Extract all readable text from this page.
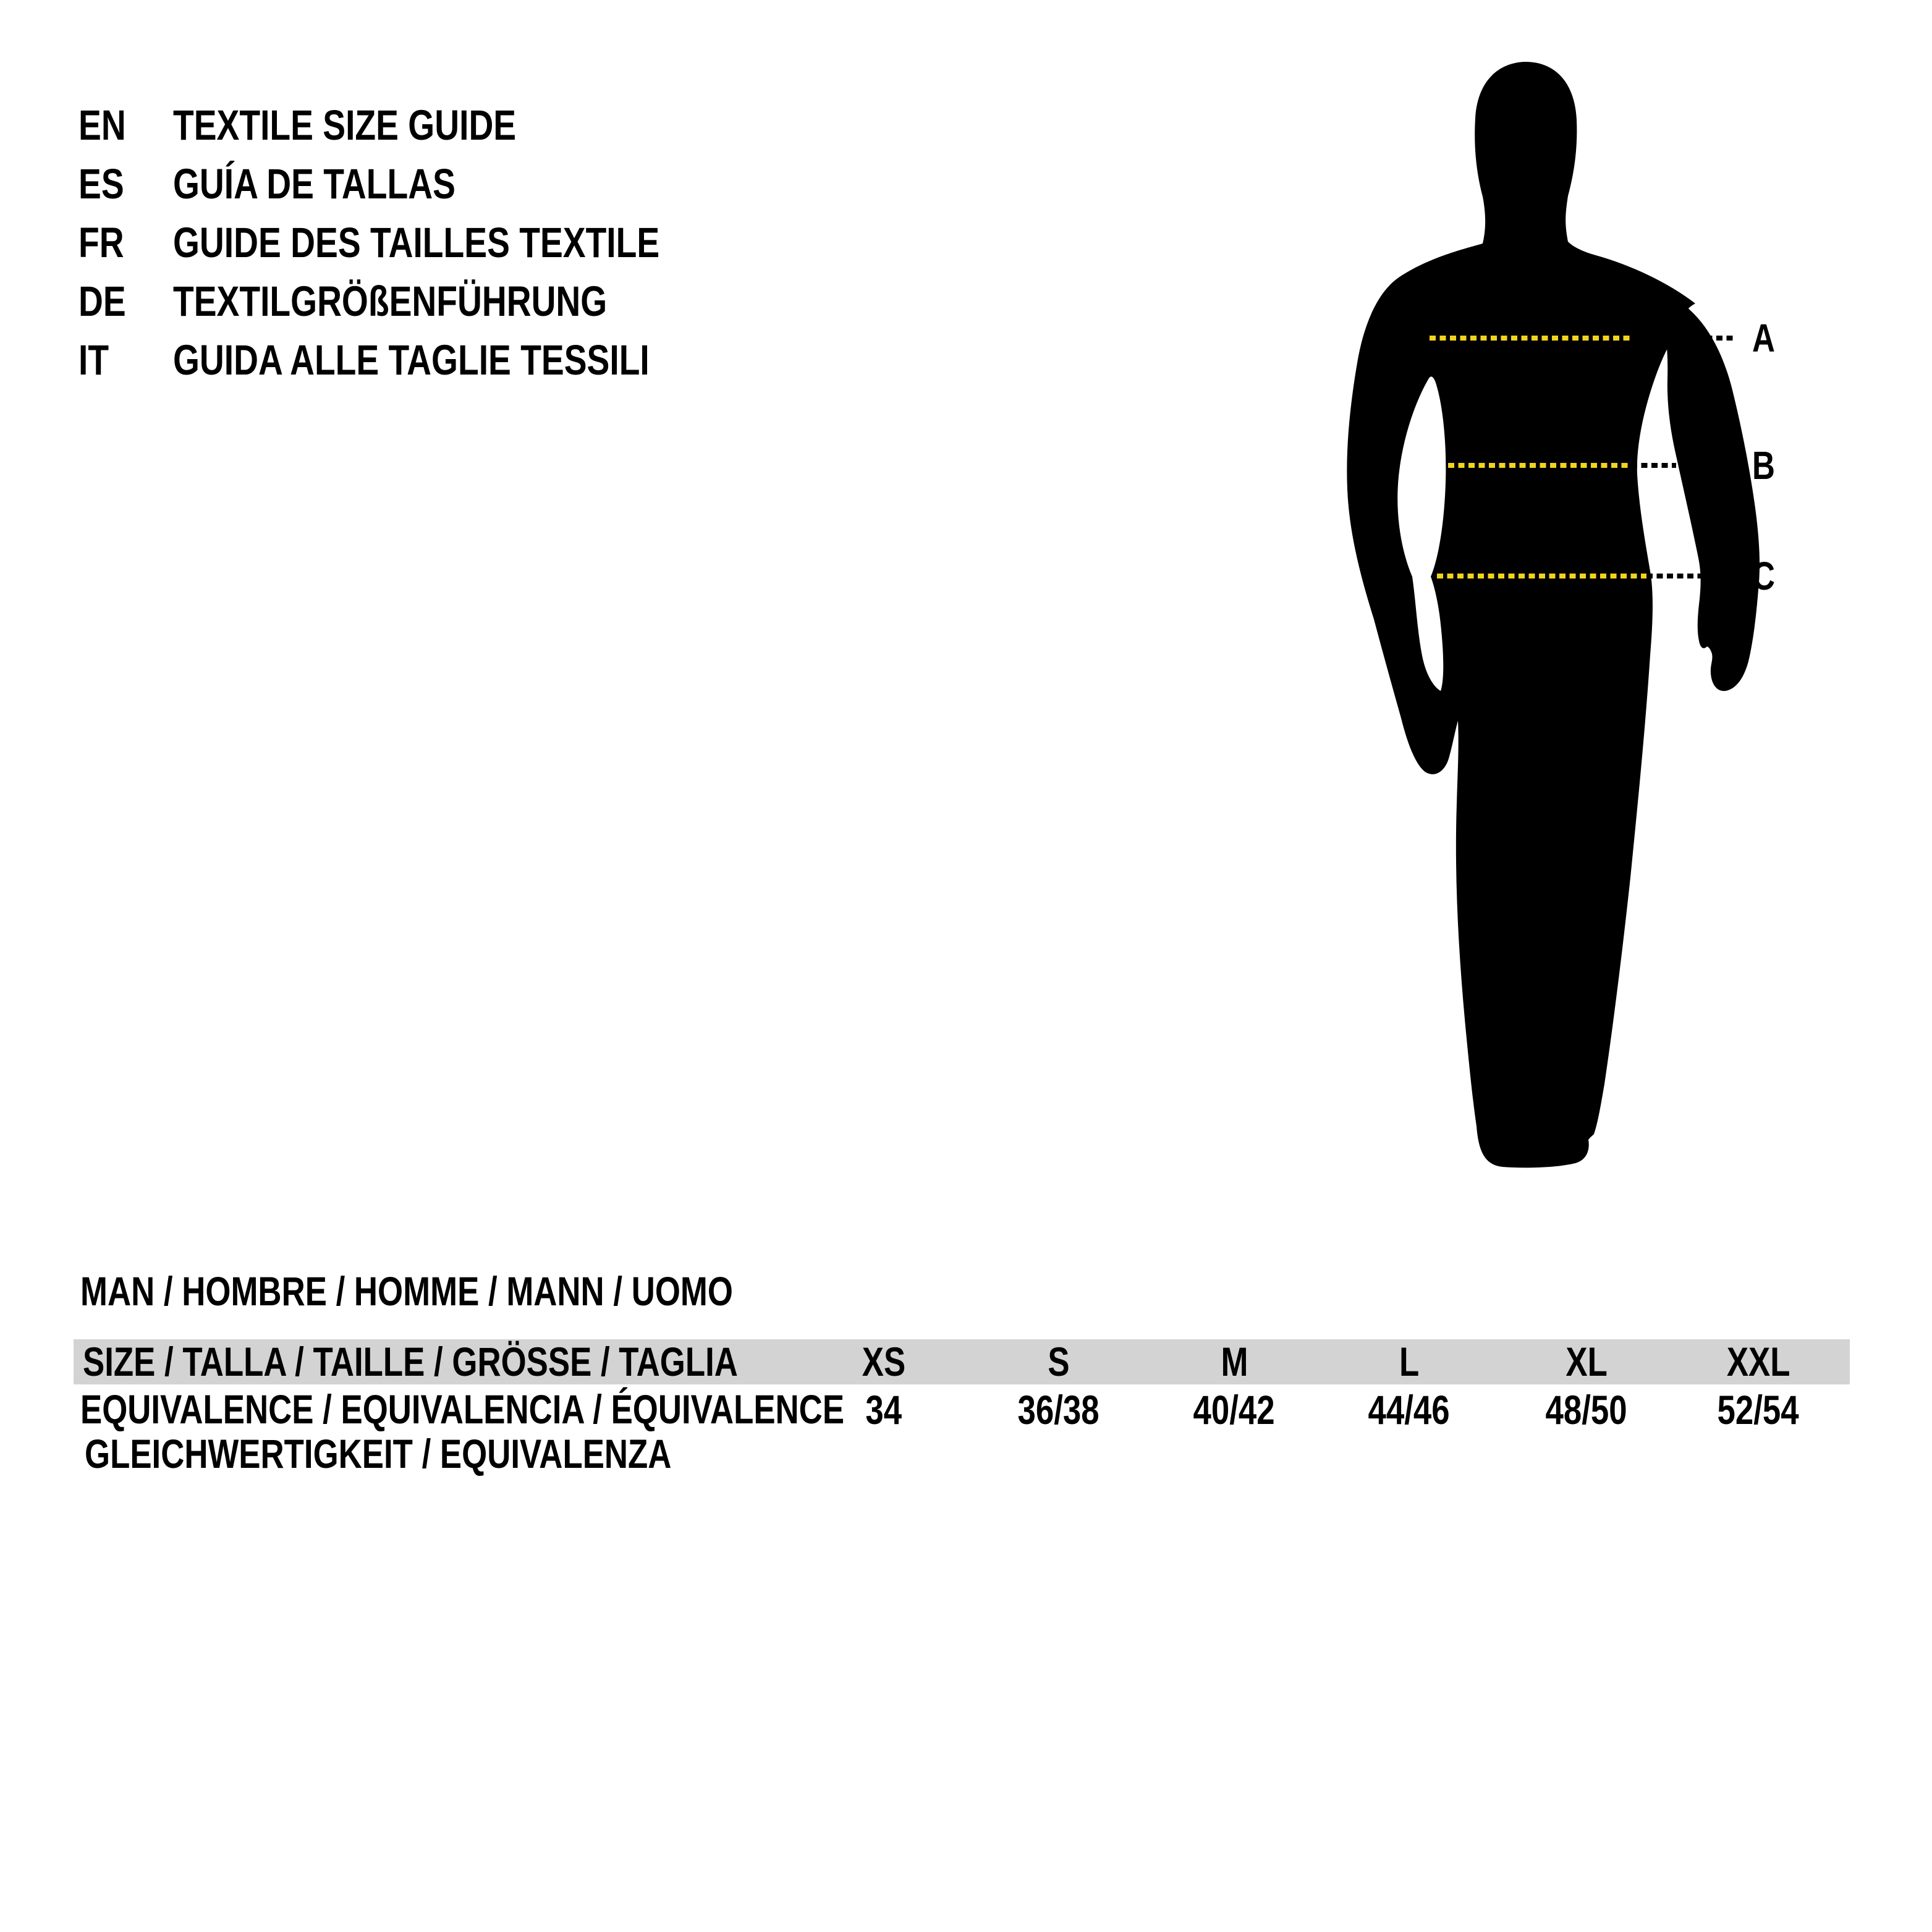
EN TEXTILE SIZE GUIDE
ES GUÍA DE TALLAS
FR GUIDE DES TAILLES TEXTILE
DE TEXTILGRÖßENFÜHRUNG
IT GUIDA ALLE TAGLIE TESSILI	A
B
C
MAN / HOMBRE / HOMME / MANN / UOMO
SIZE / TALLA / TAILLE / GRÖSSE / TAGLIA	XS	S	M	L	XL	XXL
EQUIVALENCE / EQUIVALENCIA / ÉQUIVALENCE
GLEICHWERTIGKEIT / EQUIVALENZA
34	36/38	40/42	44/46	48/50	52/54
